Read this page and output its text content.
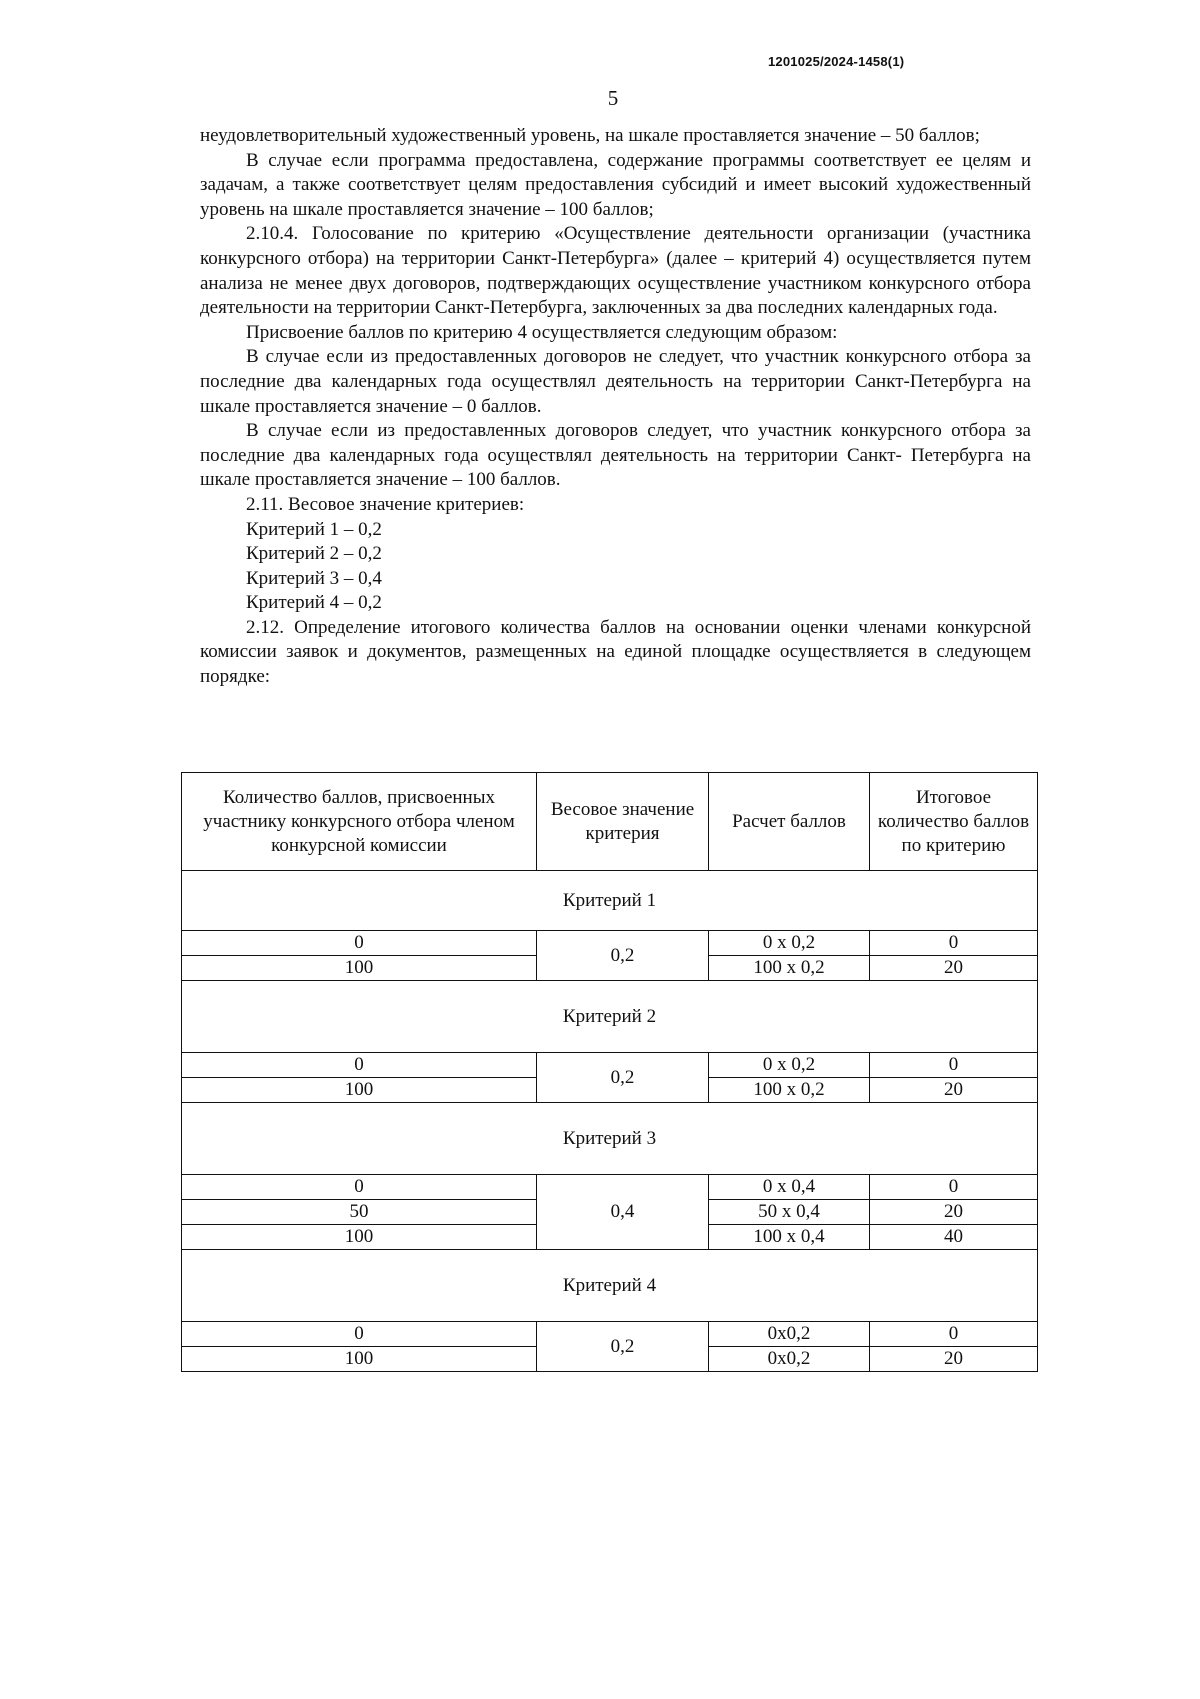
1201025/2024-1458(1)
5

неудовлетворительный художественный уровень, на шкале проставляется значение – 50 баллов;

В случае если программа предоставлена, содержание программы соответствует ее целям и задачам, а также соответствует целям предоставления субсидий и имеет высокий художественный уровень на шкале проставляется значение – 100 баллов;

2.10.4. Голосование по критерию «Осуществление деятельности организации (участника конкурсного отбора) на территории Санкт-Петербурга» (далее – критерий 4) осуществляется путем анализа не менее двух договоров, подтверждающих осуществление участником конкурсного отбора деятельности на территории Санкт-Петербурга, заключенных за два последних календарных года.

Присвоение баллов по критерию 4 осуществляется следующим образом:

В случае если из предоставленных договоров не следует, что участник конкурсного отбора за последние два календарных года осуществлял деятельность на территории Санкт-Петербурга на шкале проставляется значение – 0 баллов.

В случае если из предоставленных договоров следует, что участник конкурсного отбора за последние два календарных года осуществлял деятельность на территории Санкт- Петербурга на шкале проставляется значение – 100 баллов.

2.11. Весовое значение критериев:

Критерий 1 – 0,2

Критерий 2 – 0,2

Критерий 3 – 0,4

Критерий 4 – 0,2

2.12. Определение итогового количества баллов на основании оценки членами конкурсной комиссии заявок и документов, размещенных на единой площадке осуществляется в следующем порядке:

Количество баллов, присвоенных участнику конкурсного отбора членом конкурсной комиссии	Весовое значение критерия	Расчет баллов	Итоговое количество баллов по критерию
Критерий 1			
0	0,2	0 x 0,2	0
100		100 x 0,2	20
Критерий 2			
0	0,2	0 x 0,2	0
100		100 x 0,2	20
Критерий 3			
0	0,4	0 x 0,4	0
50		50 x 0,4	20
100		100 x 0,4	40
Критерий 4			
0	0,2	0x0,2	0
100		0x0,2	20
